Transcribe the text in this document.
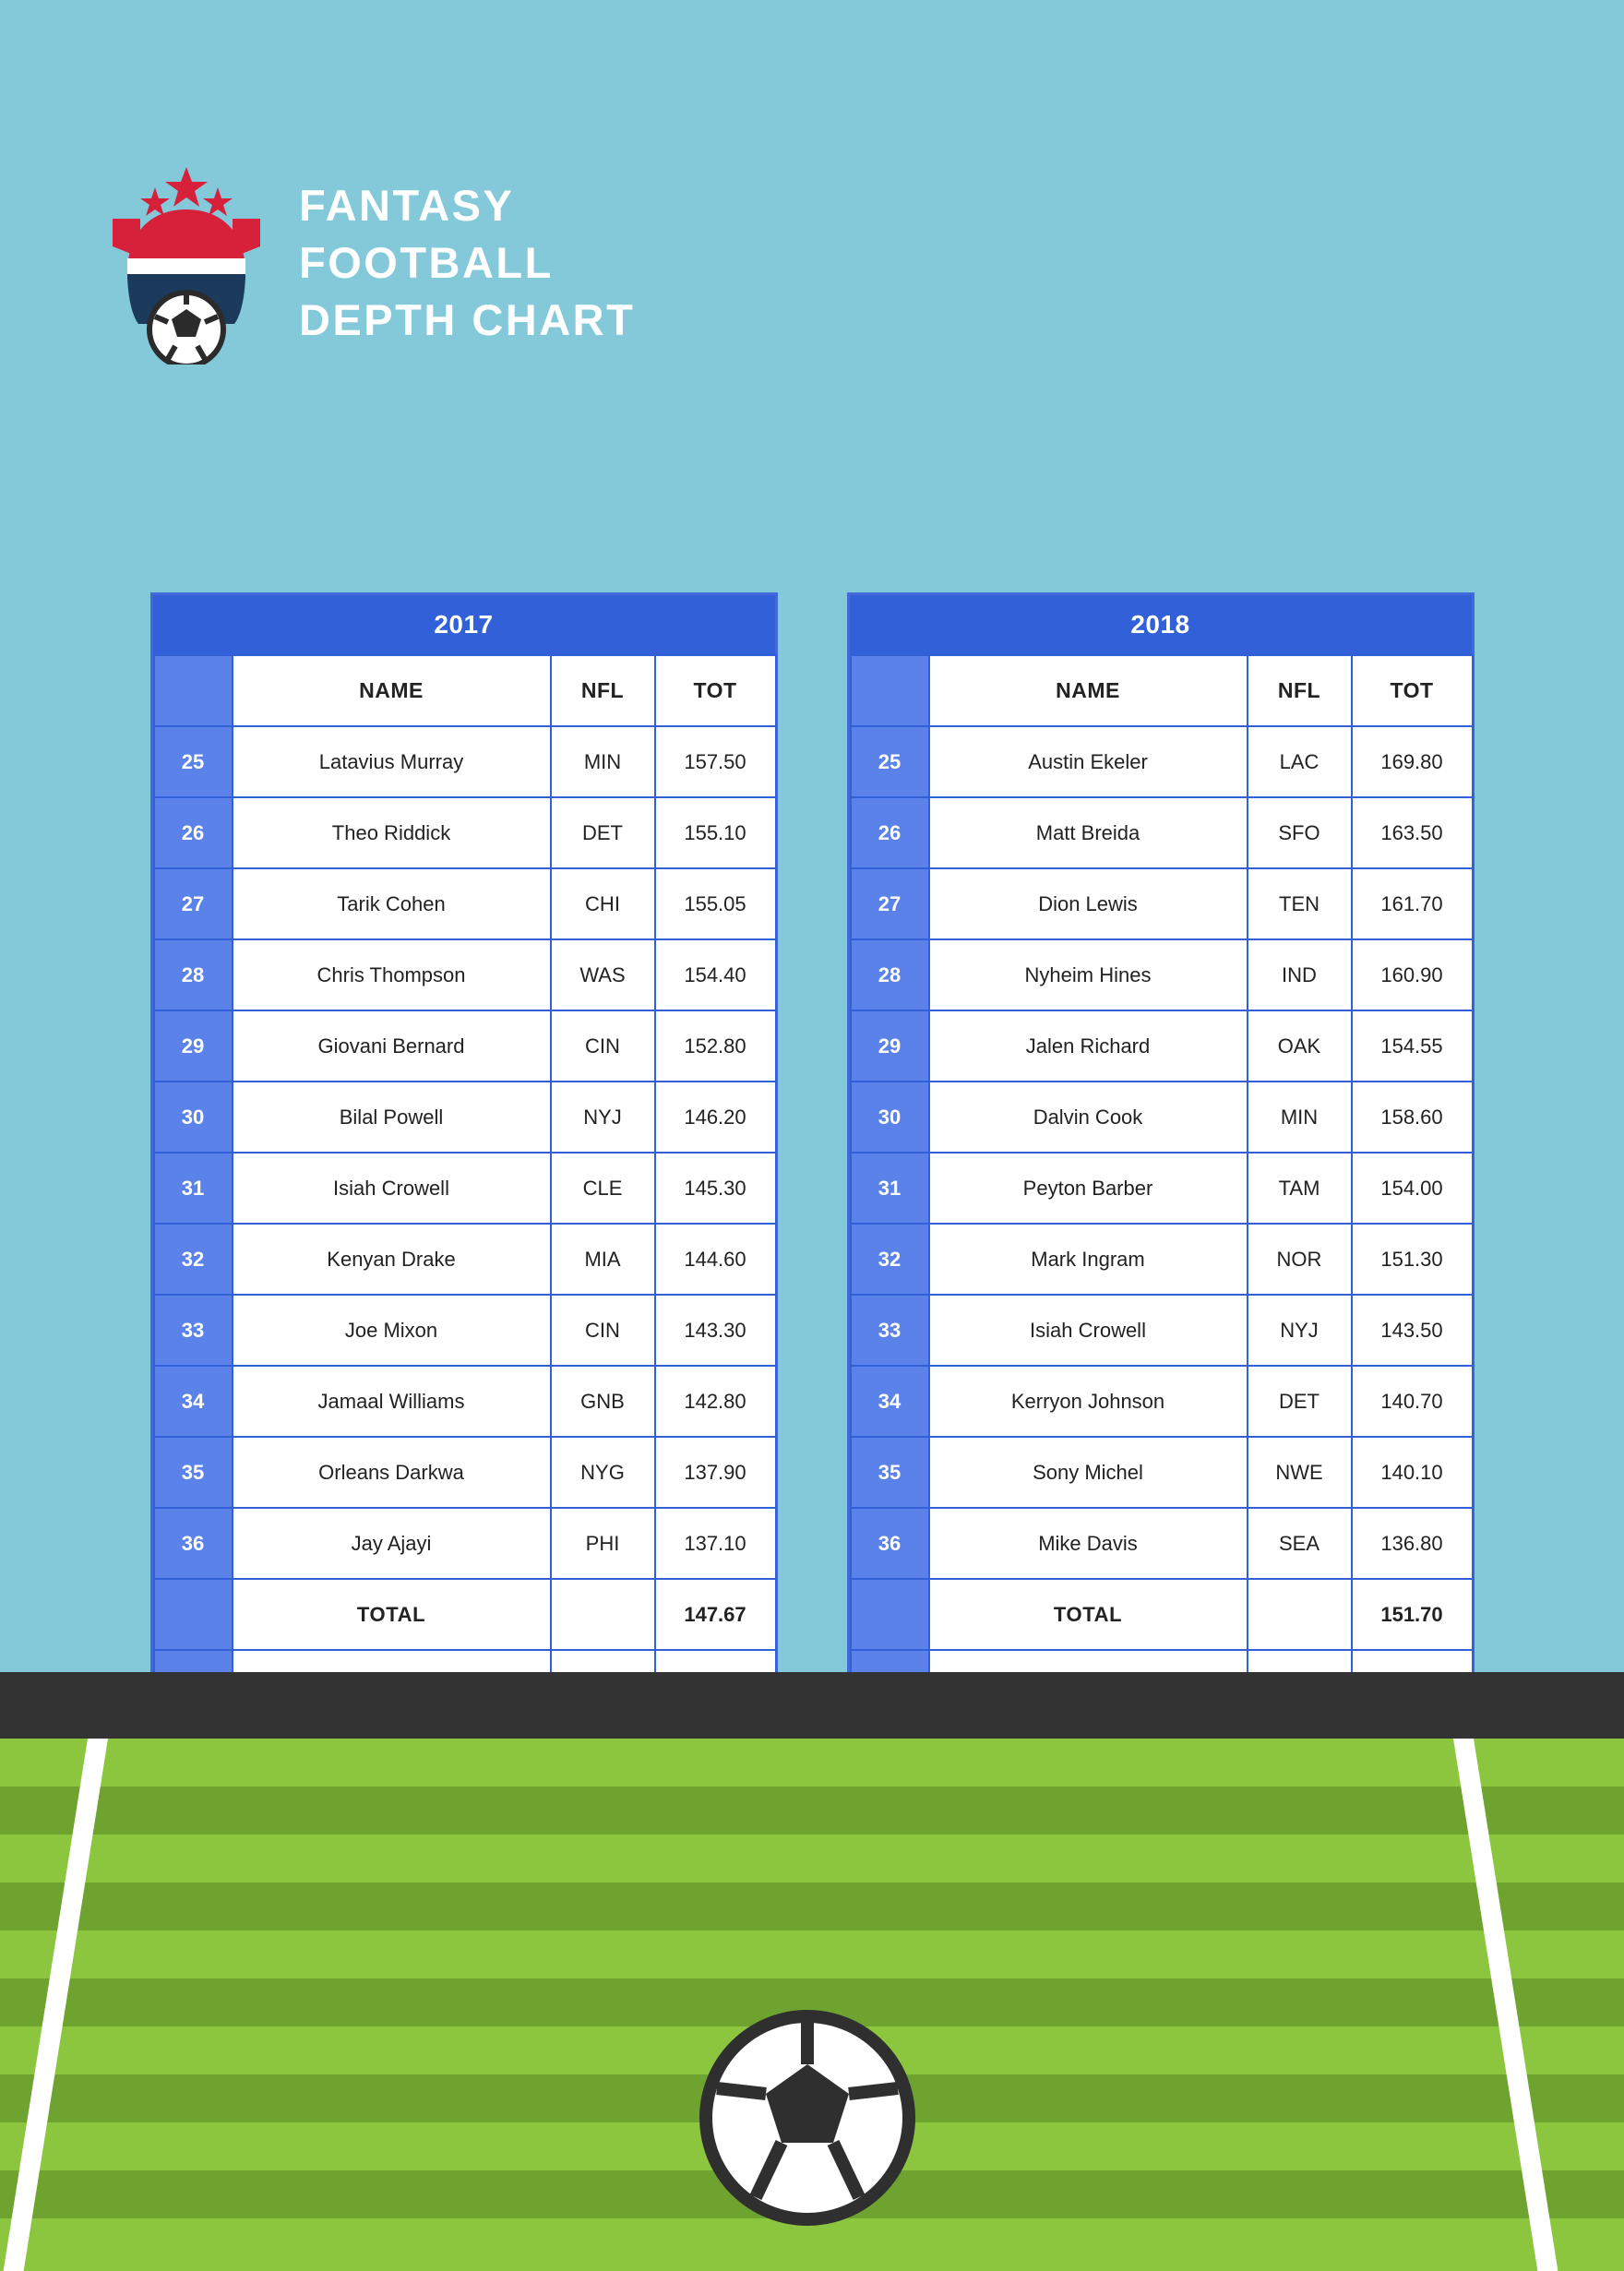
FANTASY
FOOTBALL
DEPTH CHART
2017
	NAME	NFL	TOT
25	Latavius Murray	MIN	157.50
26	Theo Riddick	DET	155.10
27	Tarik Cohen	CHI	155.05
28	Chris Thompson	WAS	154.40
29	Giovani Bernard	CIN	152.80
30	Bilal Powell	NYJ	146.20
31	Isiah Crowell	CLE	145.30
32	Kenyan Drake	MIA	144.60
33	Joe Mixon	CIN	143.30
34	Jamaal Williams	GNB	142.80
35	Orleans Darkwa	NYG	137.90
36	Jay Ajayi	PHI	137.10
	TOTAL		147.67

2018
	NAME	NFL	TOT
25	Austin Ekeler	LAC	169.80
26	Matt Breida	SFO	163.50
27	Dion Lewis	TEN	161.70
28	Nyheim Hines	IND	160.90
29	Jalen Richard	OAK	154.55
30	Dalvin Cook	MIN	158.60
31	Peyton Barber	TAM	154.00
32	Mark Ingram	NOR	151.30
33	Isiah Crowell	NYJ	143.50
34	Kerryon Johnson	DET	140.70
35	Sony Michel	NWE	140.10
36	Mike Davis	SEA	136.80
	TOTAL		151.70
